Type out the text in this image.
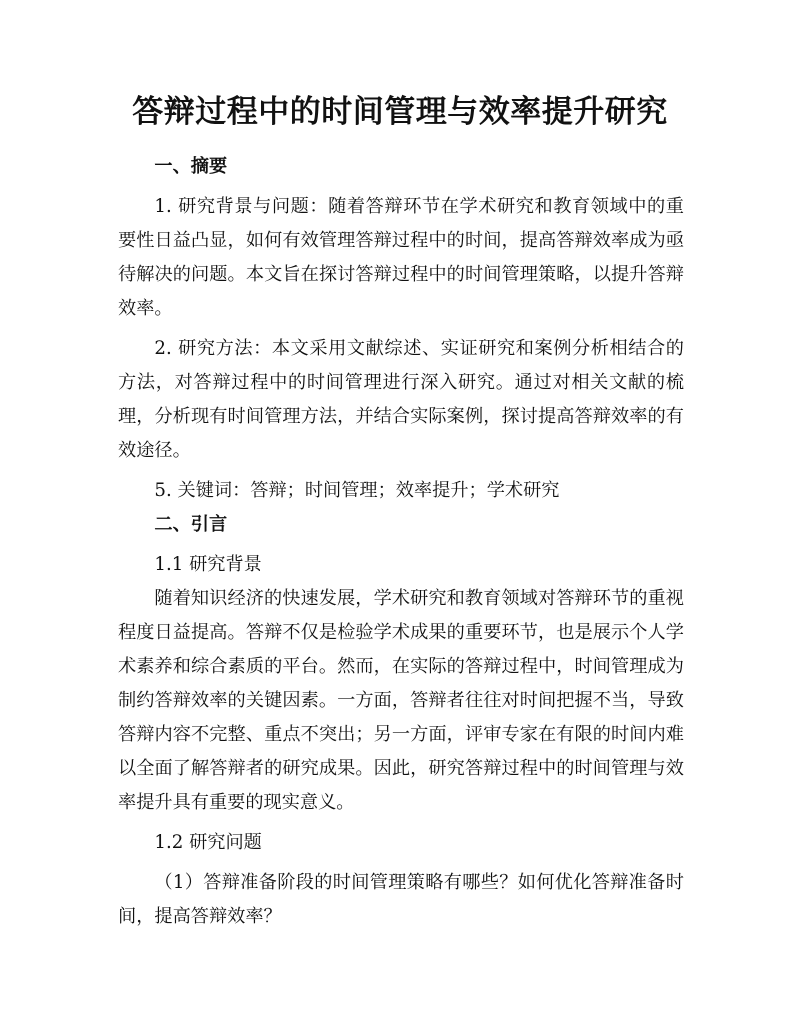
答辩过程中的时间管理与效率提升研究
一、摘要

1. 研究背景与问题：随着答辩环节在学术研究和教育领域中的重要性日益凸显，如何有效管理答辩过程中的时间，提高答辩效率成为亟待解决的问题。本文旨在探讨答辩过程中的时间管理策略，以提升答辩效率。

2. 研究方法：本文采用文献综述、实证研究和案例分析相结合的方法，对答辩过程中的时间管理进行深入研究。通过对相关文献的梳理，分析现有时间管理方法，并结合实际案例，探讨提高答辩效率的有效途径。

5. 关键词：答辩；时间管理；效率提升；学术研究

二、引言

1.1 研究背景

随着知识经济的快速发展，学术研究和教育领域对答辩环节的重视程度日益提高。答辩不仅是检验学术成果的重要环节，也是展示个人学术素养和综合素质的平台。然而，在实际的答辩过程中，时间管理成为制约答辩效率的关键因素。一方面，答辩者往往对时间把握不当，导致答辩内容不完整、重点不突出；另一方面，评审专家在有限的时间内难以全面了解答辩者的研究成果。因此，研究答辩过程中的时间管理与效率提升具有重要的现实意义。

1.2 研究问题

（1）答辩准备阶段的时间管理策略有哪些？如何优化答辩准备时间，提高答辩效率？
